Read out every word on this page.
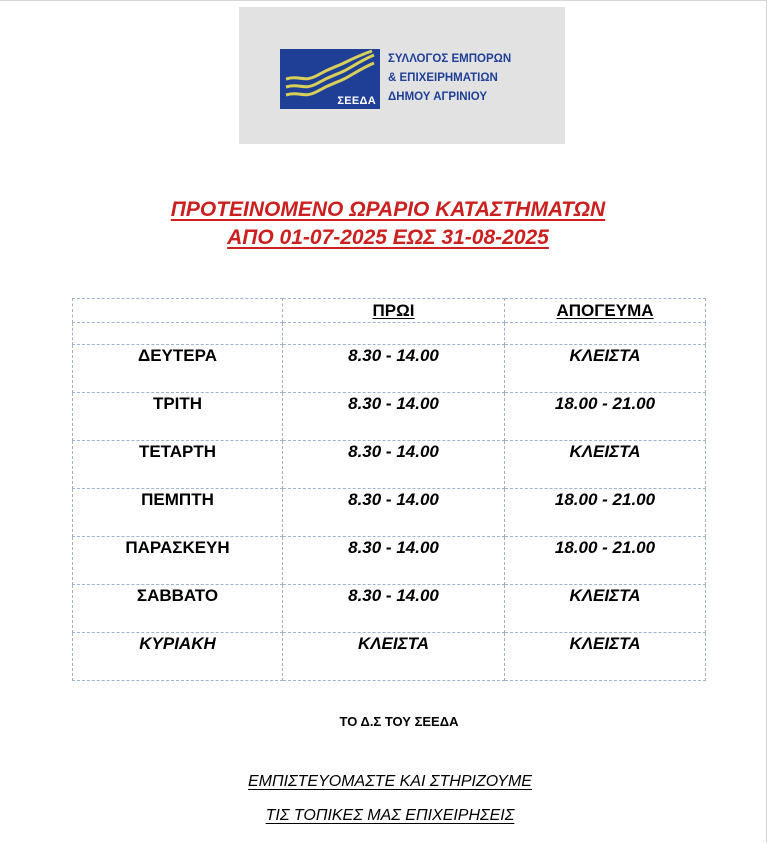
ΣΕΕΔΑ
ΣΥΛΛΟΓΟΣ ΕΜΠΟΡΩΝ
& ΕΠΙΧΕΙΡΗΜΑΤΙΩΝ
ΔΗΜΟΥ ΑΓΡΙΝΙΟΥ
ΠΡΟΤΕΙΝΟΜΕΝΟ ΩΡΑΡΙΟ ΚΑΤΑΣΤΗΜΑΤΩΝ
ΑΠΟ 01-07-2025 ΕΩΣ 31-08-2025
	ΠΡΩΙ	ΑΠΟΓΕΥΜΑ

ΔΕΥΤΕΡΑ	8.30 - 14.00	ΚΛΕΙΣΤΑ

ΤΡΙΤΗ	8.30 - 14.00	18.00 - 21.00

ΤΕΤΑΡΤΗ	8.30 - 14.00	ΚΛΕΙΣΤΑ

ΠΕΜΠΤΗ	8.30 - 14.00	18.00 - 21.00

ΠΑΡΑΣΚΕΥΗ	8.30 - 14.00	18.00 - 21.00

ΣΑΒΒΑΤΟ	8.30 - 14.00	ΚΛΕΙΣΤΑ

ΚΥΡΙΑΚΗ	ΚΛΕΙΣΤΑ	ΚΛΕΙΣΤΑ
ΤΟ Δ.Σ ΤΟΥ ΣΕΕΔΑ
ΕΜΠΙΣΤΕΥΟΜΑΣΤΕ ΚΑΙ ΣΤΗΡΙΖΟΥΜΕ
ΤΙΣ ΤΟΠΙΚΕΣ ΜΑΣ ΕΠΙΧΕΙΡΗΣΕΙΣ
